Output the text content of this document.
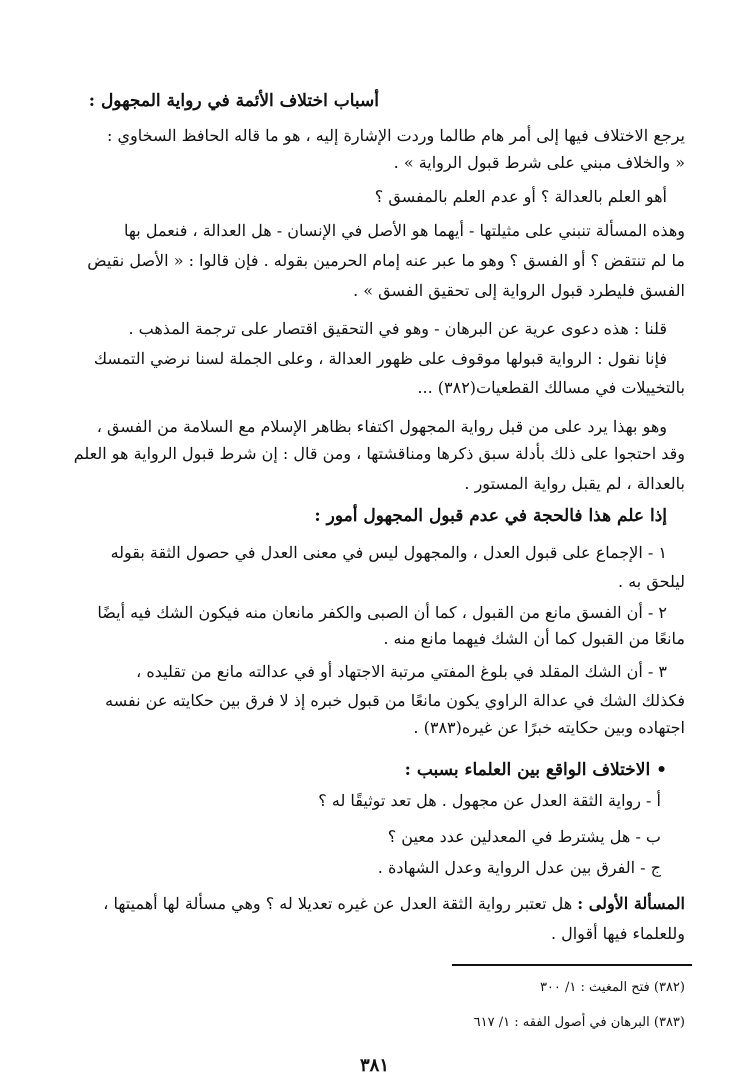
أسباب اختلاف الأئمة في رواية المجهول :
يرجع الاختلاف فيها إلى أمر هام طالما وردت الإشارة إليه ، هو ما قاله الحافظ السخاوي :
« والخلاف مبني على شرط قبول الرواية » .
أهو العلم بالعدالة ؟ أو عدم العلم بالمفسق ؟
وهذه المسألة تنبني على مثيلتها - أيهما هو الأصل في الإنسان - هل العدالة ، فنعمل بها
ما لم تنتقض ؟ أو الفسق ؟ وهو ما عبر عنه إمام الحرمين بقوله . فإن قالوا : « الأصل نقيض
الفسق فليطرد قبول الرواية إلى تحقيق الفسق » .
قلنا : هذه دعوى عرية عن البرهان - وهو في التحقيق اقتصار على ترجمة المذهب .
فإنا نقول : الرواية قبولها موقوف على ظهور العدالة ، وعلى الجملة لسنا نرضي التمسك
بالتخييلات في مسالك القطعيات(٣٨٢) ...
وهو بهذا يرد على من قبل رواية المجهول اكتفاء بظاهر الإسلام مع السلامة من الفسق ،
وقد احتجوا على ذلك بأدلة سبق ذكرها ومناقشتها ، ومن قال : إن شرط قبول الرواية هو العلم
بالعدالة ، لم يقبل رواية المستور .
إذا علم هذا فالحجة في عدم قبول المجهول أمور :
١ - الإجماع على قبول العدل ، والمجهول ليس في معنى العدل في حصول الثقة بقوله
ليلحق به .
٢ - أن الفسق مانع من القبول ، كما أن الصبى والكفر مانعان منه فيكون الشك فيه أيضًا
مانعًا من القبول كما أن الشك فيهما مانع منه .
٣ - أن الشك المقلد في بلوغ المفتي مرتبة الاجتهاد أو في عدالته مانع من تقليده ،
فكذلك الشك في عدالة الراوي يكون مانعًا من قبول خبره إذ لا فرق بين حكايته عن نفسه
اجتهاده وبين حكايته خبرًا عن غيره(٣٨٣) .
• الاختلاف الواقع بين العلماء بسبب :
أ - رواية الثقة العدل عن مجهول . هل تعد توثيقًا له ؟
ب - هل يشترط في المعدلين عدد معين ؟
ج - الفرق بين عدل الرواية وعدل الشهادة .
المسألة الأولى : هل تعتبر رواية الثقة العدل عن غيره تعديلا له ؟ وهي مسألة لها أهميتها ،
وللعلماء فيها أقوال .
(٣٨٢) فتح المغيث : ١/ ٣٠٠
(٣٨٣) البرهان في أصول الفقه : ١/ ٦١٧
٣٨١
